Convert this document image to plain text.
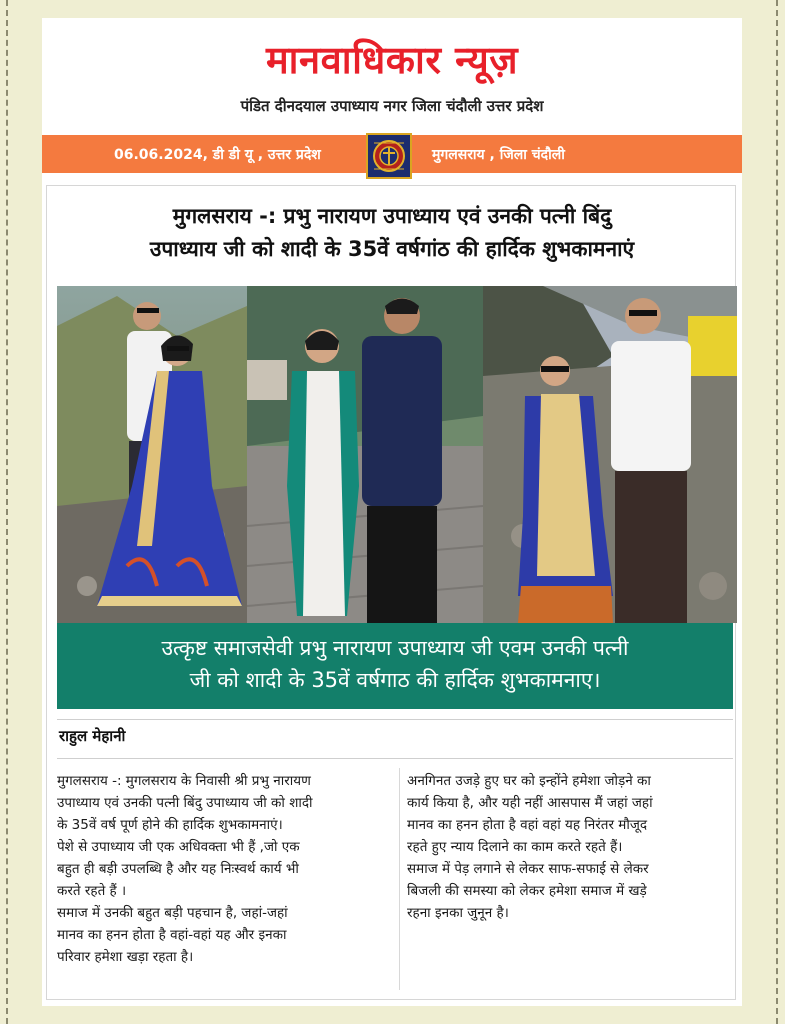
मानवाधिकार न्यूज़
पंडित दीनदयाल उपाध्याय नगर जिला चंदौली उत्तर प्रदेश
06.06.2024, डी डी यू , उत्तर प्रदेश	मुगलसराय , जिला चंदौली
मुगलसराय -: प्रभु नारायण उपाध्याय एवं उनकी पत्नी बिंदु
उपाध्याय जी को शादी के 35वें वर्षगांठ की हार्दिक शुभकामनाएं
उत्कृष्ट समाजसेवी प्रभु नारायण उपाध्याय जी एवम उनकी पत्नी
जी को शादी के 35वें वर्षगाठ की हार्दिक शुभकामनाए।
राहुल मेहानी

मुगलसराय -: मुगलसराय के निवासी श्री प्रभु नारायण

उपाध्याय एवं उनकी पत्नी बिंदु उपाध्याय जी को शादी

के 35वें वर्ष पूर्ण होने की हार्दिक शुभकामनाएं।

पेशे से उपाध्याय जी एक अधिवक्ता भी हैं ,जो एक

बहुत ही बड़ी उपलब्धि है और यह निःस्वर्थ कार्य भी

करते रहते हैं ।

समाज में उनकी बहुत बड़ी पहचान है, जहां-जहां

मानव का हनन होता है वहां-वहां यह और इनका

परिवार हमेशा खड़ा रहता है।

अनगिनत उजड़े हुए घर को इन्होंने हमेशा जोड़ने का

कार्य किया है, और यही नहीं आसपास मैं जहां जहां

मानव का हनन होता है वहां वहां यह निरंतर मौजूद

रहते हुए न्याय दिलाने का काम करते रहते हैं।

समाज में पेड़ लगाने से लेकर साफ-सफाई से लेकर

बिजली की समस्या को लेकर हमेशा समाज में खड़े

रहना इनका जुनून है।
